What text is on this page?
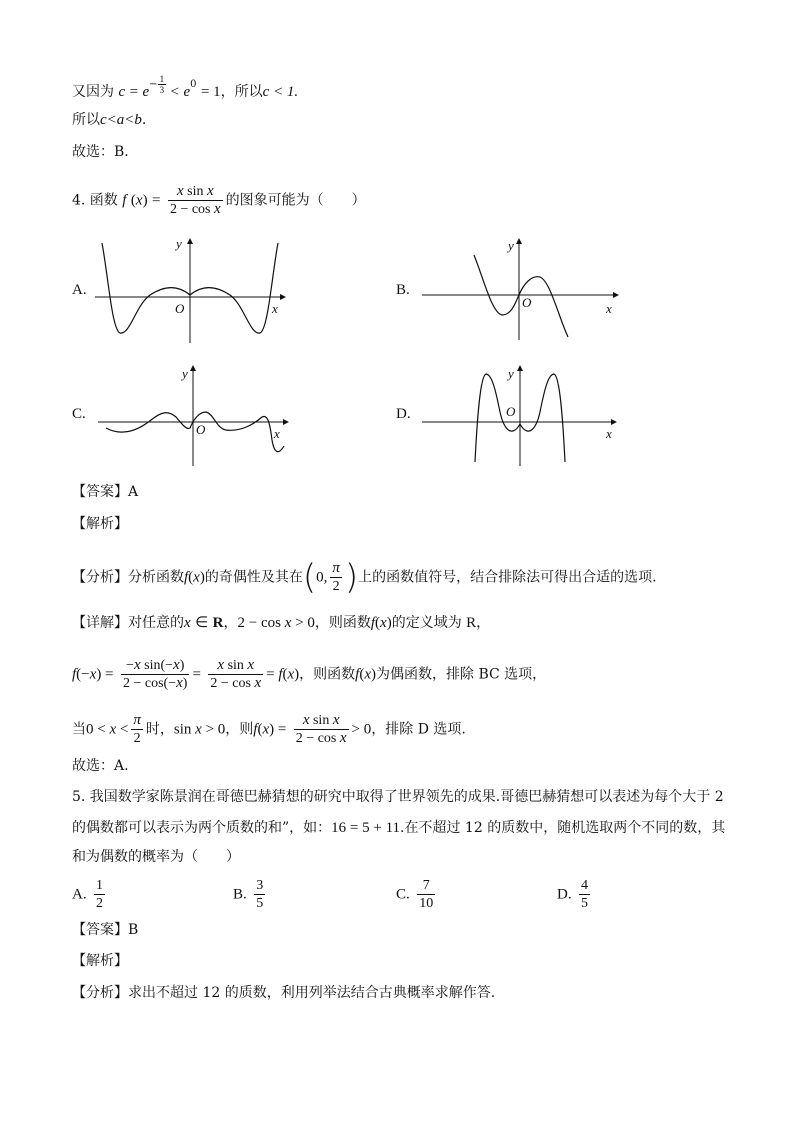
又因为 $c = e^{- \frac{1}{3}} < e^0 = 1$，所以c < 1.
所以c<a<b.
故选：B.
4. 函数 f $(x) = \frac{\text{x sin x}}{\text{2 − cos x}}$ 的图象可能为（　　）
A.	B.
C.	D.
y
x
O
y
x
O
y
x
O
y
x
O
【答案】A
【解析】
【分析】分析函数f(x)的奇偶性及其在(0, $\frac{\pi}{2}$ )上的函数值符号，结合排除法可得出合适的选项.
【详解】对任意的x ∈ R，2 − cos x > 0，则函数f(x)的定义域为 R，
$f(-x) = \frac{\text{−x sin(−x)}}{2 - \cos(-x)} = \frac{\text{x sin x}}{\text{2 − cos x}} = f(x)$，则函数f(x)为偶函数，排除 BC 选项，
当$0 < x < \frac{\pi}{2}$ 时，sin x > 0，则$f(x) = \frac{\text{x sin x}}{\text{2 − cos x}} > 0$，排除 D 选项.
故选：A.
5. 我国数学家陈景润在哥德巴赫猜想的研究中取得了世界领先的成果.哥德巴赫猜想可以表述为每个大于 2
的偶数都可以表示为两个质数的和”，如：16 = 5 + 11.在不超过 12 的质数中，随机选取两个不同的数，其
和为偶数的概率为（　　）
A. $\frac{1}{2}$	B. $\frac{3}{5}$	C. $\frac{7}{10}$	D. $\frac{4}{5}$
【答案】B
【解析】
【分析】求出不超过 12 的质数，利用列举法结合古典概率求解作答.
